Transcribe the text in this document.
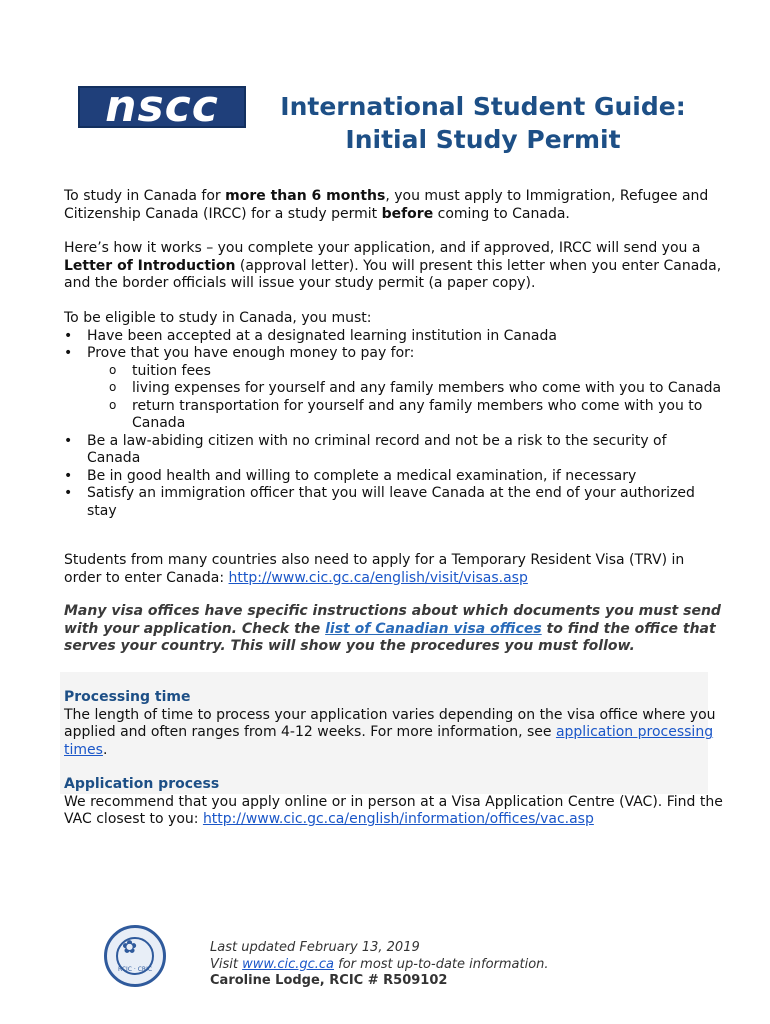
nscc	International Student Guide:
Initial Study Permit
To study in Canada for more than 6 months, you must apply to Immigration, Refugee and Citizenship Canada (IRCC) for a study permit before coming to Canada.
Here’s how it works – you complete your application, and if approved, IRCC will send you a Letter of Introduction (approval letter). You will present this letter when you enter Canada, and the border officials will issue your study permit (a paper copy).
To be eligible to study in Canada, you must:
• Have been accepted at a designated learning institution in Canada
• Prove that you have enough money to pay for:
o tuition fees
o living expenses for yourself and any family members who come with you to Canada
o return transportation for yourself and any family members who come with you to Canada
• Be a law-abiding citizen with no criminal record and not be a risk to the security of Canada
• Be in good health and willing to complete a medical examination, if necessary
• Satisfy an immigration officer that you will leave Canada at the end of your authorized stay
Students from many countries also need to apply for a Temporary Resident Visa (TRV) in order to enter Canada: http://www.cic.gc.ca/english/visit/visas.asp
Many visa offices have specific instructions about which documents you must send with your application. Check the list of Canadian visa offices to find the office that serves your country. This will show you the procedures you must follow.
Processing time
The length of time to process your application varies depending on the visa office where you applied and often ranges from 4-12 weeks. For more information, see application processing times.
Application process
We recommend that you apply online or in person at a Visa Application Centre (VAC). Find the VAC closest to you: http://www.cic.gc.ca/english/information/offices/vac.asp
✿
RCIC · CRIC
Last updated February 13, 2019
Visit www.cic.gc.ca for most up-to-date information.
Caroline Lodge, RCIC # R509102
